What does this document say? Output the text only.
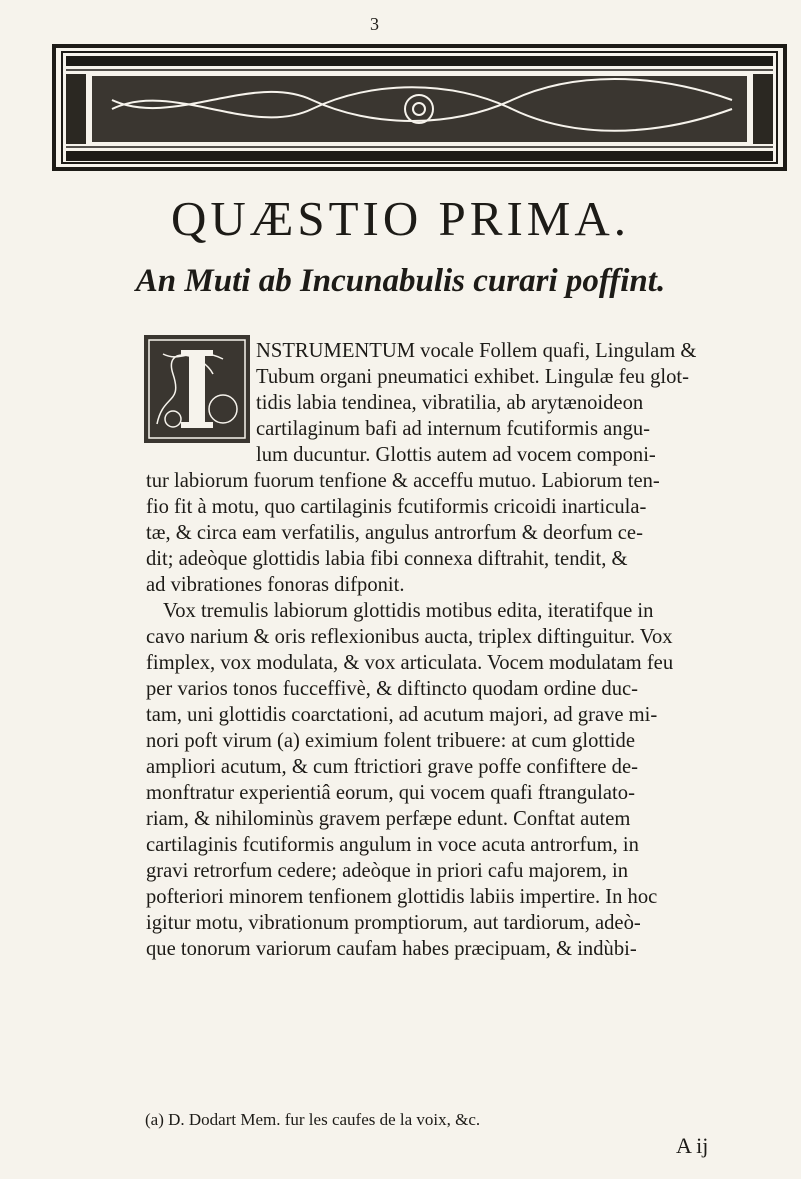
3
QUÆSTIO PRIMA.
An Muti ab Incunabulis curari poffint.
NSTRUMENTUM vocale Follem quafi, Lingulam &
Tubum organi pneumatici exhibet. Lingulæ feu glot-
tidis labia tendinea, vibratilia, ab arytænoideon
cartilaginum bafi ad internum fcutiformis angu-
lum ducuntur. Glottis autem ad vocem componi-
tur labiorum fuorum tenfione & acceffu mutuo. Labiorum ten-
fio fit à motu, quo cartilaginis fcutiformis cricoidi inarticula-
tæ, & circa eam verfatilis, angulus antrorfum & deorfum ce-
dit; adeòque glottidis labia fibi connexa diftrahit, tendit, &
ad vibrationes fonoras difponit.
Vox tremulis labiorum glottidis motibus edita, iteratifque in
cavo narium & oris reflexionibus aucta, triplex diftinguitur. Vox
fimplex, vox modulata, & vox articulata. Vocem modulatam feu
per varios tonos fucceffivè, & diftincto quodam ordine duc-
tam, uni glottidis coarctationi, ad acutum majori, ad grave mi-
nori poft virum (a) eximium folent tribuere: at cum glottide
ampliori acutum, & cum ftrictiori grave poffe confiftere de-
monftratur experientiâ eorum, qui vocem quafi ftrangulato-
riam, & nihilominùs gravem perfæpe edunt. Conftat autem
cartilaginis fcutiformis angulum in voce acuta antrorfum, in
gravi retrorfum cedere; adeòque in priori cafu majorem, in
pofteriori minorem tenfionem glottidis labiis impertire. In hoc
igitur motu, vibrationum promptiorum, aut tardiorum, adeò-
que tonorum variorum caufam habes præcipuam, & indùbi-
(a) D. Dodart Mem. fur les caufes de la voix, &c.
A ij
